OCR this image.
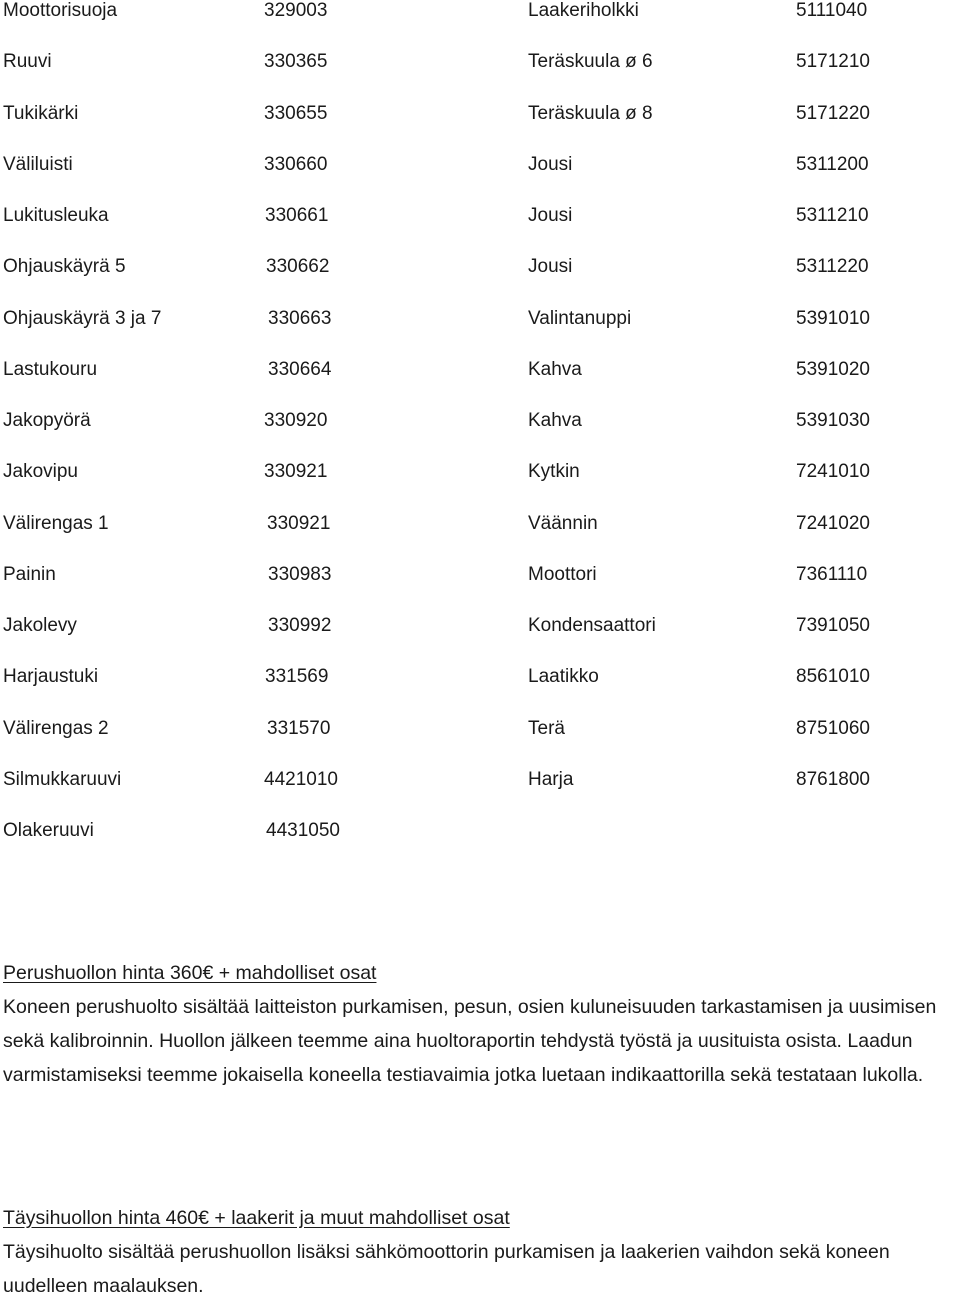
Moottorisuoja	329003	Laakeriholkki	5111040
Ruuvi	330365	Teräskuula ø 6	5171210
Tukikärki	330655	Teräskuula ø 8	5171220
Väliluisti	330660	Jousi	5311200
Lukitusleuka	330661	Jousi	5311210
Ohjauskäyrä 5	330662	Jousi	5311220
Ohjauskäyrä 3 ja 7	330663	Valintanuppi	5391010
Lastukouru	330664	Kahva	5391020
Jakopyörä	330920	Kahva	5391030
Jakovipu	330921	Kytkin	7241010
Välirengas 1	330921	Väännin	7241020
Painin	330983	Moottori	7361110
Jakolevy	330992	Kondensaattori	7391050
Harjaustuki	331569	Laatikko	8561010
Välirengas 2	331570	Terä	8751060
Silmukkaruuvi	4421010	Harja	8761800
Olakeruuvi	4431050
Perushuollon hinta 360€ + mahdolliset osat

Koneen perushuolto sisältää laitteiston purkamisen, pesun, osien kuluneisuuden tarkastamisen ja uusimisen sekä kalibroinnin. Huollon jälkeen teemme aina huoltoraportin tehdystä työstä ja uusituista osista. Laadun varmistamiseksi teemme jokaisella koneella testiavaimia jotka luetaan indikaattorilla sekä testataan lukolla.

Täysihuollon hinta 460€ + laakerit ja muut mahdolliset osat

Täysihuolto sisältää perushuollon lisäksi sähkömoottorin purkamisen ja laakerien vaihdon sekä koneen uudelleen maalauksen.
